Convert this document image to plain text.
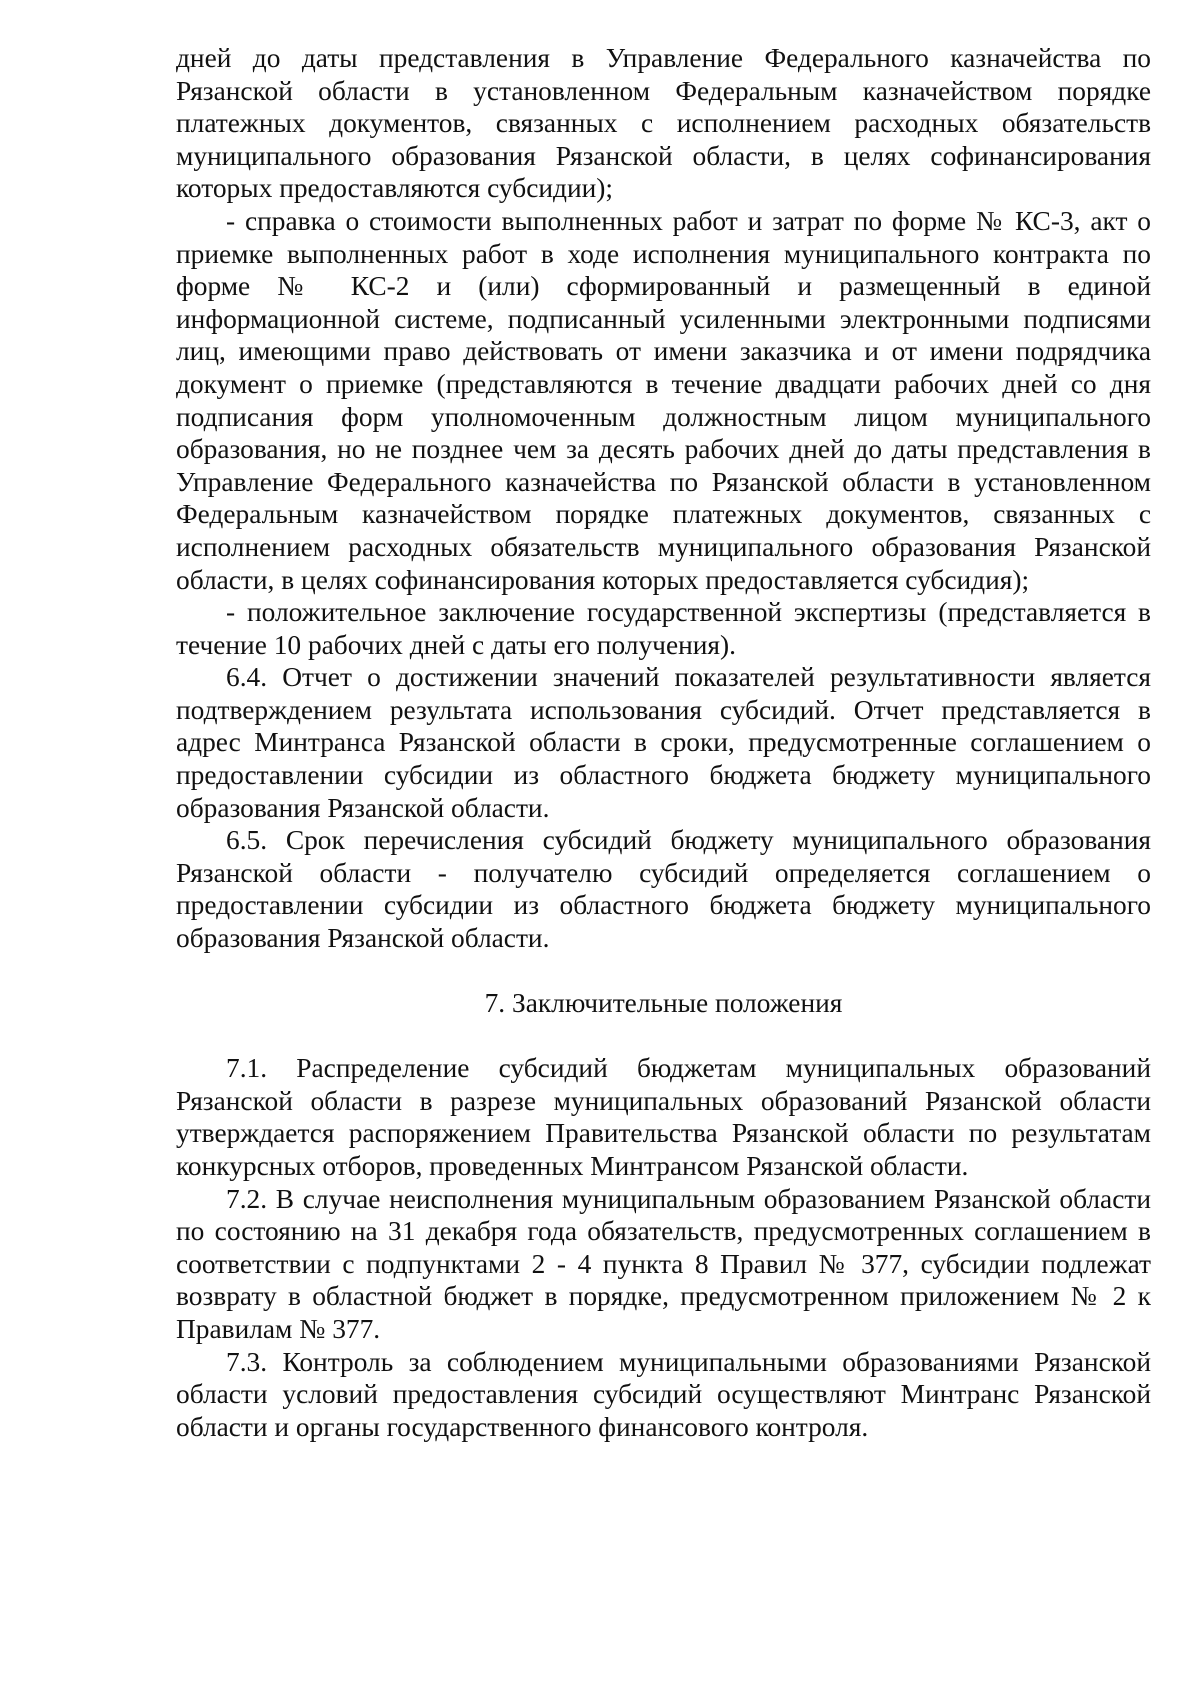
дней до даты представления в Управление Федерального казначейства по Рязанской области в установленном Федеральным казначейством порядке платежных документов, связанных с исполнением расходных обязательств муниципального образования Рязанской области, в целях софинансирования которых предоставляются субсидии);

- справка о стоимости выполненных работ и затрат по форме № КС-3, акт о приемке выполненных работ в ходе исполнения муниципального контракта по форме № КС-2 и (или) сформированный и размещенный в единой информационной системе, подписанный усиленными электронными подписями лиц, имеющими право действовать от имени заказчика и от имени подрядчика документ о приемке (представляются в течение двадцати рабочих дней со дня подписания форм уполномоченным должностным лицом муниципального образования, но не позднее чем за десять рабочих дней до даты представления в Управление Федерального казначейства по Рязанской области в установленном Федеральным казначейством порядке платежных документов, связанных с исполнением расходных обязательств муниципального образования Рязанской области, в целях софинансирования которых предоставляется субсидия);

- положительное заключение государственной экспертизы (представляется в течение 10 рабочих дней с даты его получения).

6.4. Отчет о достижении значений показателей результативности является подтверждением результата использования субсидий. Отчет представляется в адрес Минтранса Рязанской области в сроки, предусмотренные соглашением о предоставлении субсидии из областного бюджета бюджету муниципального образования Рязанской области.

6.5. Срок перечисления субсидий бюджету муниципального образования Рязанской области - получателю субсидий определяется соглашением о предоставлении субсидии из областного бюджета бюджету муниципального образования Рязанской области.

7. Заключительные положения

7.1. Распределение субсидий бюджетам муниципальных образований Рязанской области в разрезе муниципальных образований Рязанской области утверждается распоряжением Правительства Рязанской области по результатам конкурсных отборов, проведенных Минтрансом Рязанской области.

7.2. В случае неисполнения муниципальным образованием Рязанской области по состоянию на 31 декабря года обязательств, предусмотренных соглашением в соответствии с подпунктами 2 - 4 пункта 8 Правил № 377, субсидии подлежат возврату в областной бюджет в порядке, предусмотренном приложением № 2 к Правилам № 377.

7.3. Контроль за соблюдением муниципальными образованиями Рязанской области условий предоставления субсидий осуществляют Минтранс Рязанской области и органы государственного финансового контроля.
